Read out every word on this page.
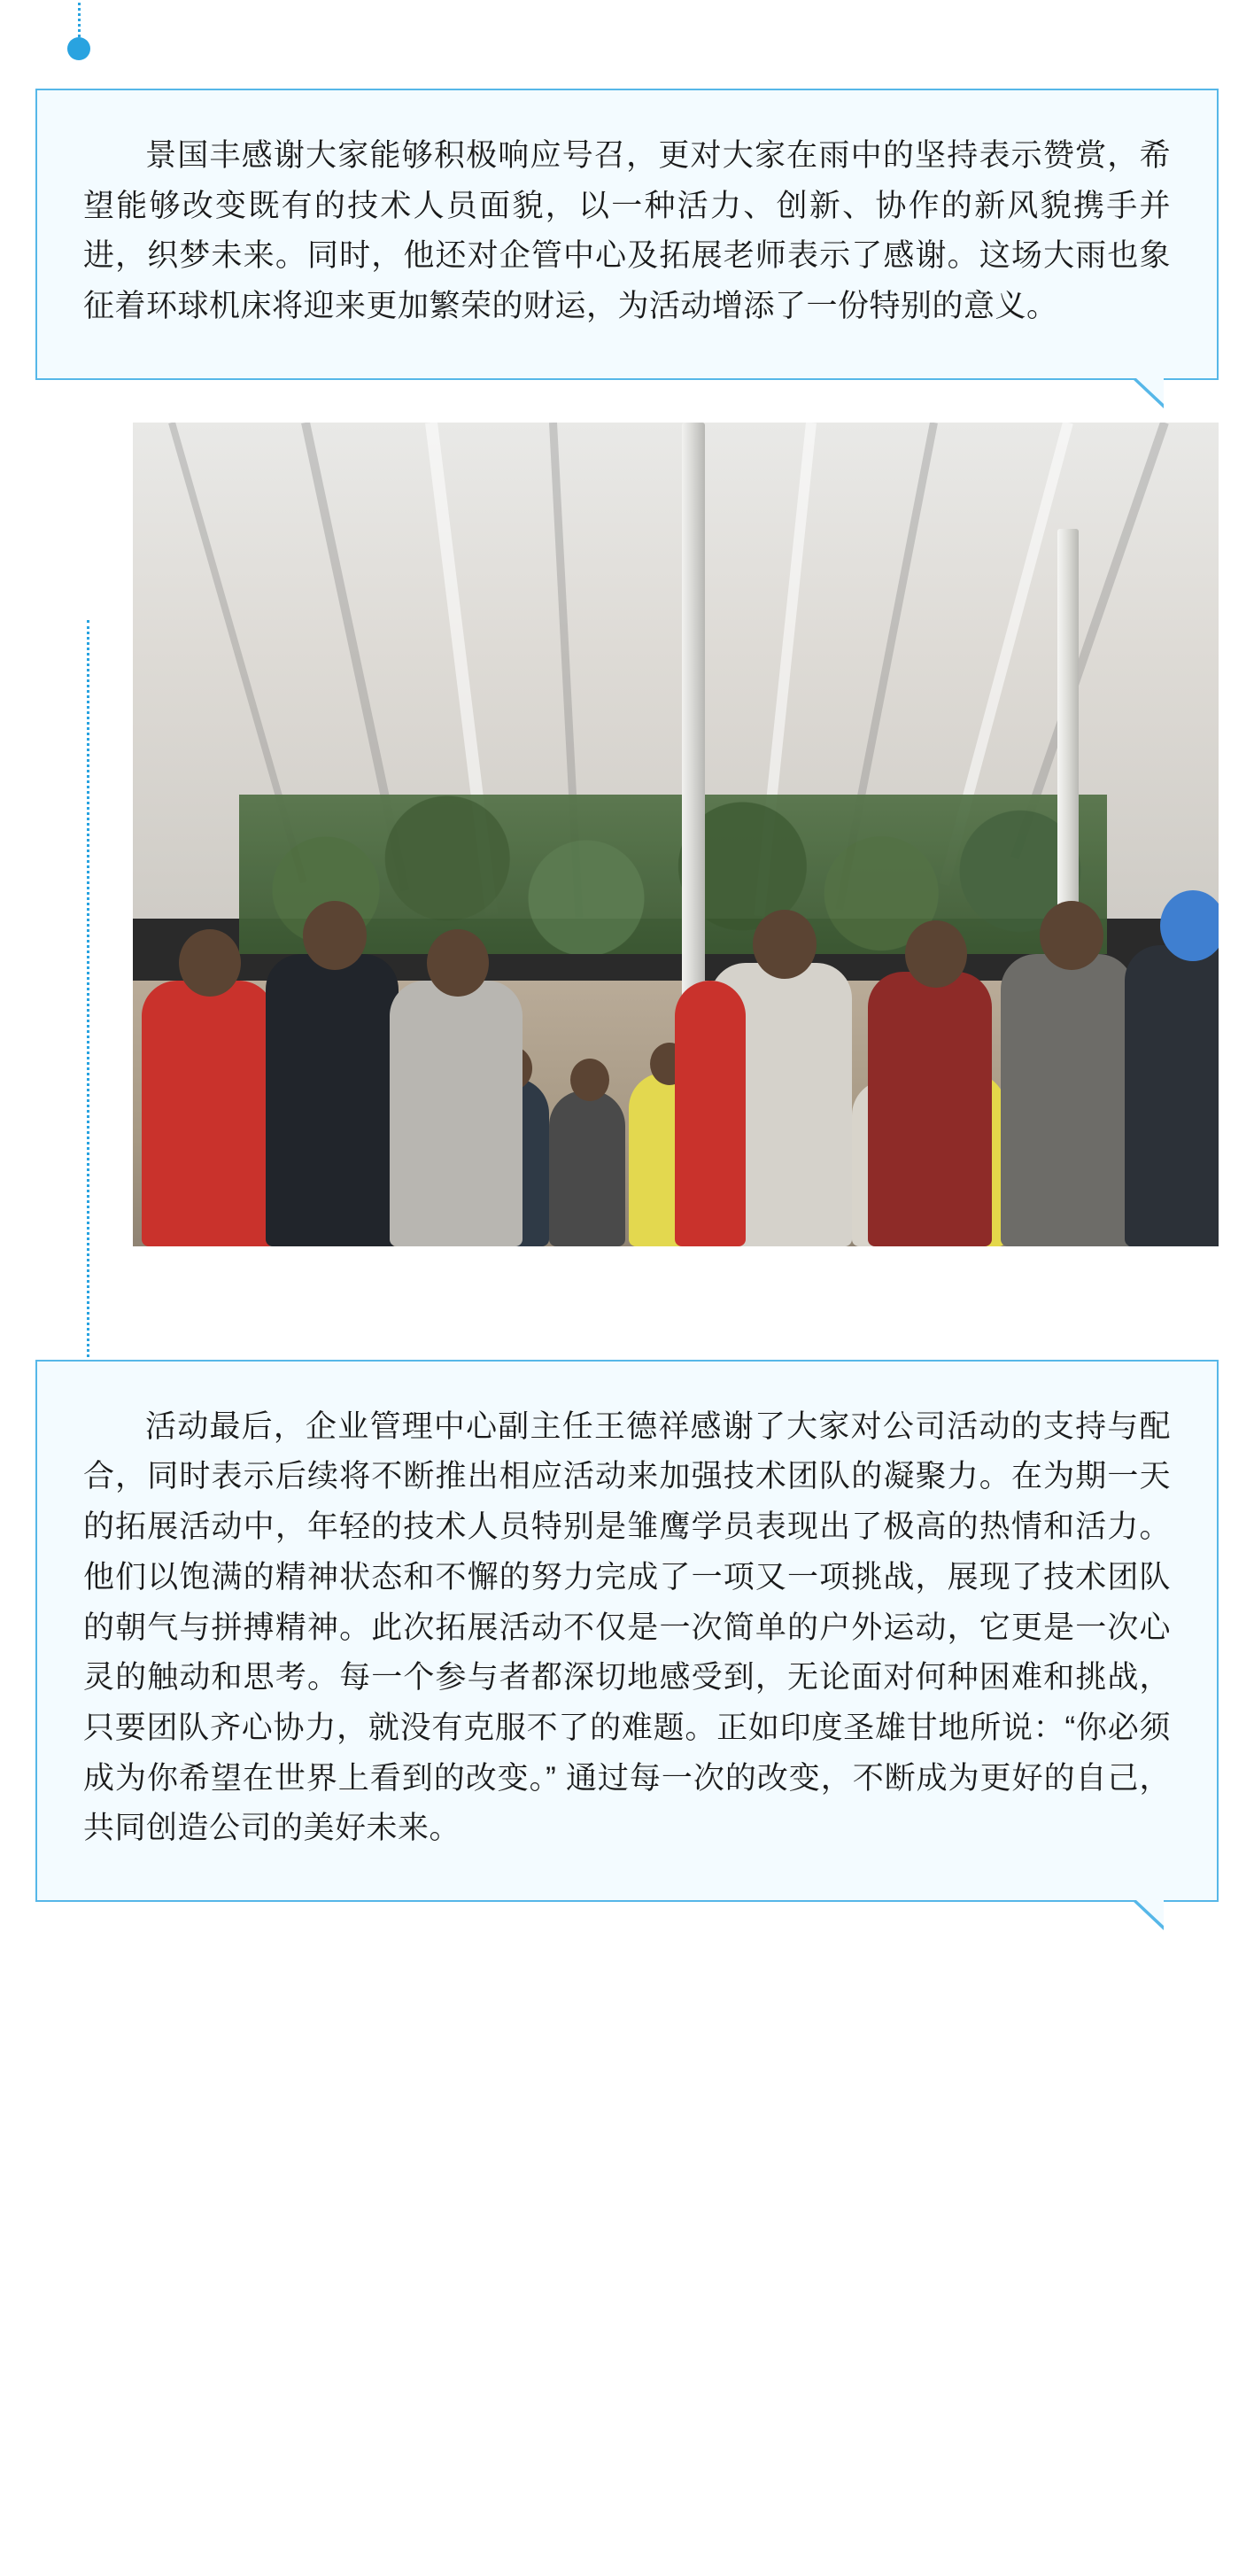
景国丰感谢大家能够积极响应号召，更对大家在雨中的坚持表示赞赏，希望能够改变既有的技术人员面貌，以一种活力、创新、协作的新风貌携手并进，织梦未来。同时，他还对企管中心及拓展老师表示了感谢。这场大雨也象征着环球机床将迎来更加繁荣的财运，为活动增添了一份特别的意义。

活动最后，企业管理中心副主任王德祥感谢了大家对公司活动的支持与配合，同时表示后续将不断推出相应活动来加强技术团队的凝聚力。在为期一天的拓展活动中，年轻的技术人员特别是雏鹰学员表现出了极高的热情和活力。他们以饱满的精神状态和不懈的努力完成了一项又一项挑战，展现了技术团队的朝气与拼搏精神。此次拓展活动不仅是一次简单的户外运动，它更是一次心灵的触动和思考。每一个参与者都深切地感受到，无论面对何种困难和挑战，只要团队齐心协力，就没有克服不了的难题。正如印度圣雄甘地所说：“你必须成为你希望在世界上看到的改变。” 通过每一次的改变，不断成为更好的自己，共同创造公司的美好未来。
